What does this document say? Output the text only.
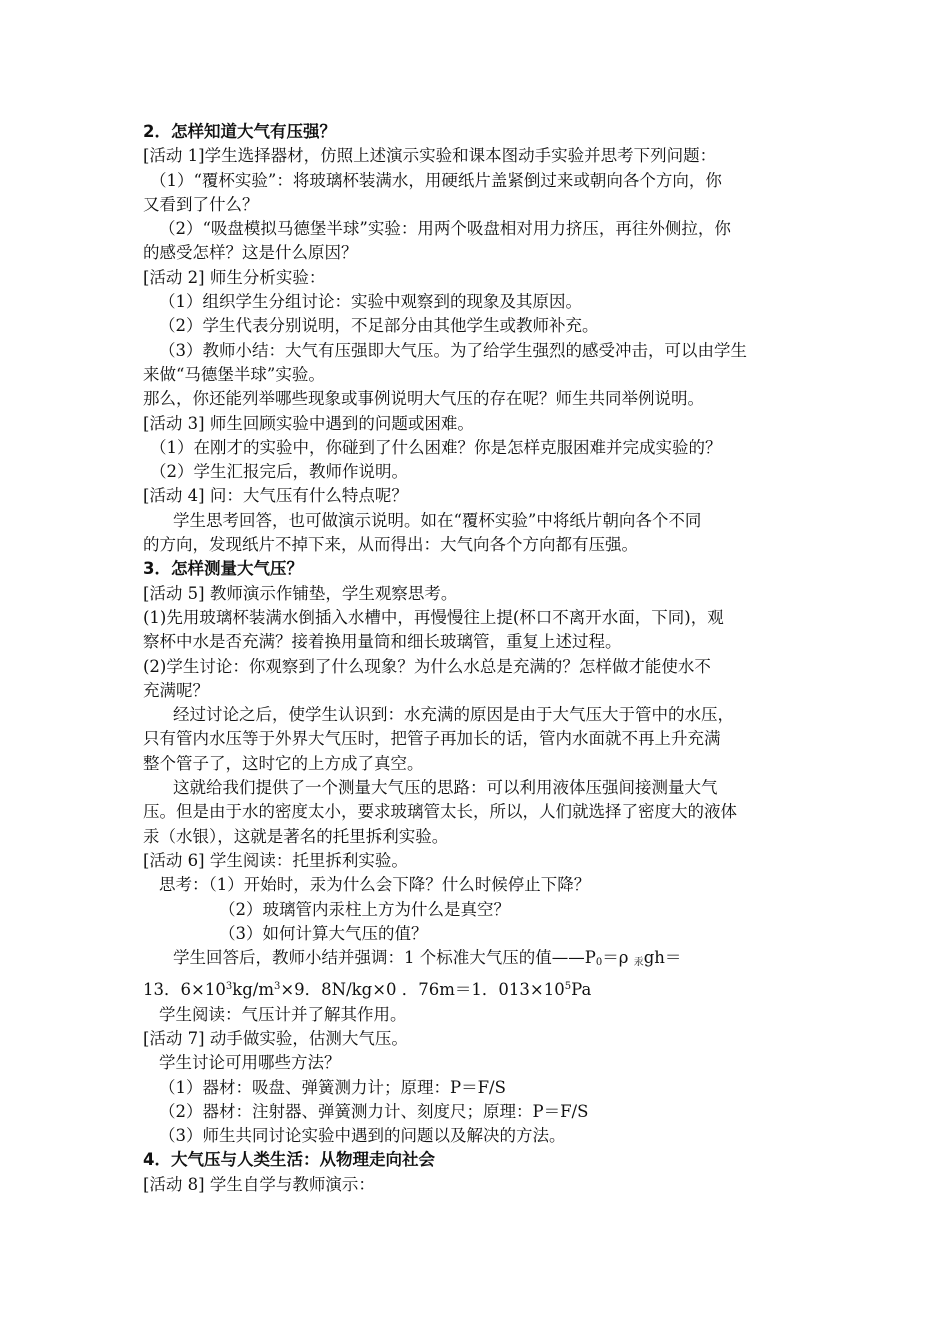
2．怎样知道大气有压强？

[活动 1]学生选择器材，仿照上述演示实验和课本图动手实验并思考下列问题：

（1）“覆杯实验”：将玻璃杯装满水，用硬纸片盖紧倒过来或朝向各个方向，你

又看到了什么？

（2）“吸盘模拟马德堡半球”实验：用两个吸盘相对用力挤压，再往外侧拉，你

的感受怎样？这是什么原因？

[活动 2] 师生分析实验：

（1）组织学生分组讨论：实验中观察到的现象及其原因。

（2）学生代表分别说明，不足部分由其他学生或教师补充。

（3）教师小结：大气有压强即大气压。为了给学生强烈的感受冲击，可以由学生

来做“马德堡半球”实验。

那么，你还能列举哪些现象或事例说明大气压的存在呢？师生共同举例说明。

[活动 3] 师生回顾实验中遇到的问题或困难。

（1）在刚才的实验中，你碰到了什么困难？你是怎样克服困难并完成实验的？

（2）学生汇报完后，教师作说明。

[活动 4] 问：大气压有什么特点呢？

学生思考回答，也可做演示说明。如在“覆杯实验”中将纸片朝向各个不同

的方向，发现纸片不掉下来，从而得出：大气向各个方向都有压强。

3．怎样测量大气压？

[活动 5] 教师演示作铺垫，学生观察思考。

(1)先用玻璃杯装满水倒插入水槽中，再慢慢往上提(杯口不离开水面，下同)，观

察杯中水是否充满？接着换用量筒和细长玻璃管，重复上述过程。

(2)学生讨论：你观察到了什么现象？为什么水总是充满的？怎样做才能使水不

充满呢？

经过讨论之后，使学生认识到：水充满的原因是由于大气压大于管中的水压，

只有管内水压等于外界大气压时，把管子再加长的话，管内水面就不再上升充满

整个管子了，这时它的上方成了真空。

这就给我们提供了一个测量大气压的思路：可以利用液体压强间接测量大气

压。但是由于水的密度太小，要求玻璃管太长，所以，人们就选择了密度大的液体

汞（水银），这就是著名的托里拆利实验。

[活动 6] 学生阅读：托里拆利实验。

思考：（1）开始时，汞为什么会下降？什么时候停止下降？

（2）玻璃管内汞柱上方为什么是真空？

（3）如何计算大气压的值？

学生回答后，教师小结并强调：1 个标准大气压的值$——P_0=\rho$ $_汞$gh＝

13．$6\times 10^3kg/m^3\times 9$．8N/kg×0 ．76m＝1．$013\times 10^5Pa$

学生阅读：气压计并了解其作用。

[活动 7] 动手做实验，估测大气压。

学生讨论可用哪些方法？

（1）器材：吸盘、弹簧测力计；原理：P＝F/S

（2）器材：注射器、弹簧测力计、刻度尺；原理：P＝F/S

（3）师生共同讨论实验中遇到的问题以及解决的方法。

4．大气压与人类生活：从物理走向社会

[活动 8] 学生自学与教师演示：
